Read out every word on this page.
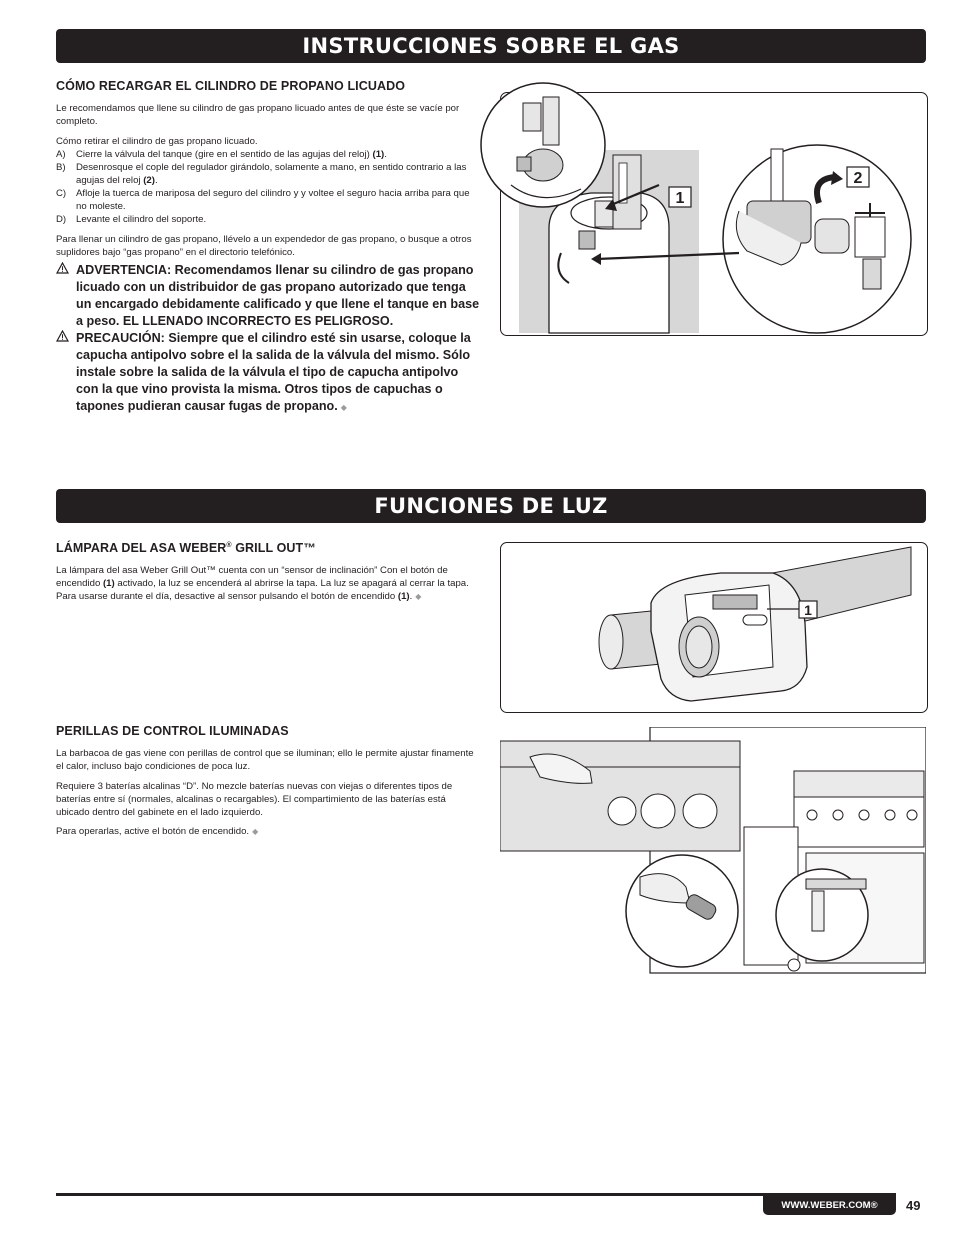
INSTRUCCIONES SOBRE EL GAS
CÓMO RECARGAR EL CILINDRO DE PROPANO LICUADO

Le recomendamos que llene su cilindro de gas propano licuado antes de que éste se vacíe por completo.

Cómo retirar el cilindro de gas propano licuado.

A)	Cierre la válvula del tanque (gire en el sentido de las agujas del reloj) (1).
B)	Desenrosque el cople del regulador girándolo, solamente a mano, en sentido contrario a las agujas del reloj (2).
C)	Afloje la tuerca de mariposa del seguro del cilindro y y voltee el seguro hacia arriba para que no moleste.
D)	Levante el cilindro del soporte.

Para llenar un cilindro de gas propano, llévelo a un expendedor de gas propano, o busque a otros suplidores bajo “gas propano” en el directorio telefónico.

ADVERTENCIA: Recomendamos llenar su cilindro de gas propano licuado con un distribuidor de gas propano autorizado que tenga un encargado debidamente calificado y que llene el tanque en base a peso. EL LLENADO INCORRECTO ES PELIGROSO.
PRECAUCIÓN: Siempre que el cilindro esté sin usarse, coloque la capucha antipolvo sobre el la salida de la válvula del mismo. Sólo instale sobre la salida de la válvula el tipo de capucha antipolvo con la que vino provista la misma. Otros tipos de capuchas o tapones pudieran causar fugas de propano. ◆
1
2
FUNCIONES DE LUZ
LÁMPARA DEL ASA WEBER® GRILL OUT™

La lámpara del asa Weber Grill Out™ cuenta con un “sensor de inclinación” Con el botón de encendido (1) activado, la luz se encenderá al abrirse la tapa. La luz se apagará al cerrar la tapa. Para usarse durante el día, desactive al sensor pulsando el botón de encendido (1). ◆

1
PERILLAS DE CONTROL ILUMINADAS

La barbacoa de gas viene con perillas de control que se iluminan; ello le permite ajustar finamente el calor, incluso bajo condiciones de poca luz.

Requiere 3 baterías alcalinas “D”. No mezcle baterías nuevas con viejas o diferentes tipos de baterías entre sí (normales, alcalinas o recargables). El compartimiento de las baterías está ubicado dentro del gabinete en el lado izquierdo.

Para operarlas, active el botón de encendido. ◆

WWW.WEBER.COM®	49
